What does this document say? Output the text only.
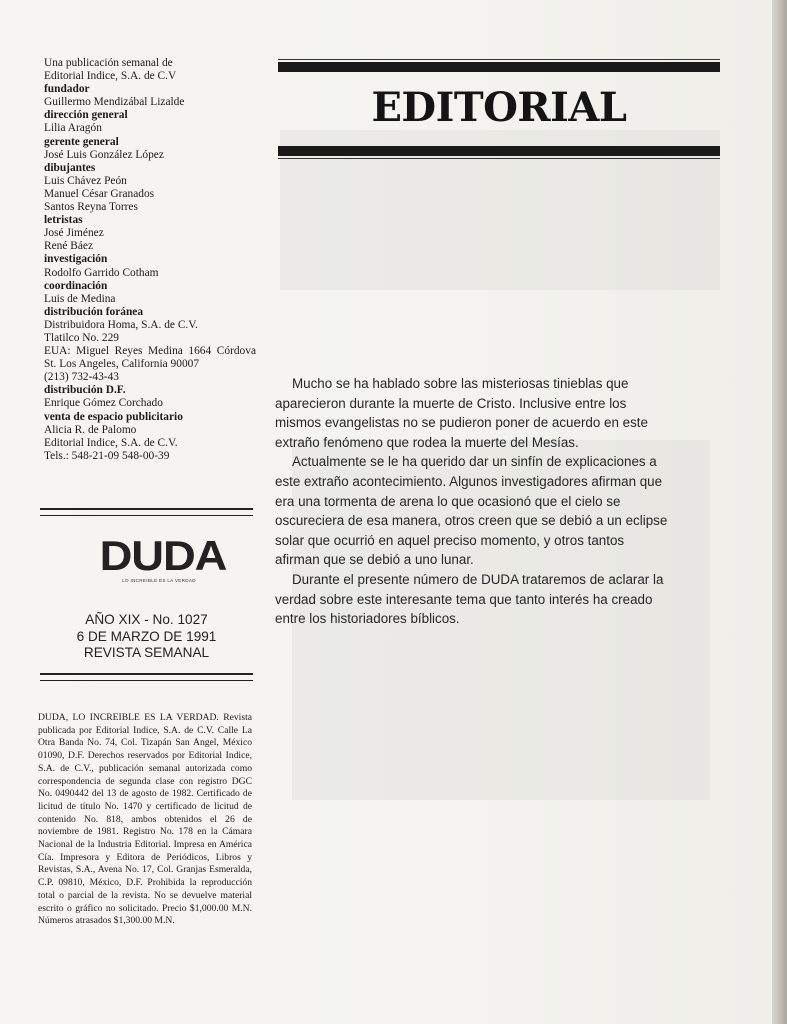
Una publicación semanal de
Editorial Indice, S.A. de C.V
fundador
Guillermo Mendizábal Lizalde
dirección general
Lilia Aragón
gerente general
José Luis González López
dibujantes
Luis Chávez Peón
Manuel César Granados
Santos Reyna Torres
letristas
José Jiménez
René Báez
investigación
Rodolfo Garrido Cotham
coordinación
Luis de Medina
distribución foránea
Distribuidora Homa, S.A. de C.V.
Tlatilco No. 229
EUA: Miguel Reyes Medina 1664 Córdova St. Los Angeles, California 90007
(213) 732-43-43
distribución D.F.
Enrique Gómez Corchado
venta de espacio publicitario
Alicia R. de Palomo
Editorial Indice, S.A. de C.V.
Tels.: 548-21-09 548-00-39
DUDA
LO INCREIBLE ES LA VERDAD
AÑO XIX - No. 1027
6 DE MARZO DE 1991
REVISTA SEMANAL
DUDA, LO INCREIBLE ES LA VERDAD. Revista publicada por Editorial Indice, S.A. de C.V. Calle La Otra Banda No. 74, Col. Tizapán San Angel, México 01090, D.F. Derechos reservados por Editorial Indice, S.A. de C.V., publicación semanal autorizada como correspondencia de segunda clase con registro DGC No. 0490442 del 13 de agosto de 1982. Certificado de licitud de título No. 1470 y certificado de licitud de contenido No. 818, ambos obtenidos el 26 de noviembre de 1981. Registro No. 178 en la Cámara Nacional de la Industria Editorial. Impresa en América Cía. Impresora y Editora de Periódicos, Libros y Revistas, S.A., Avena No. 17, Col. Granjas Esmeralda, C.P. 09810, México, D.F. Prohibida la reproducción total o parcial de la revista. No se devuelve material escrito o gráfico no solicitado. Precio $1,000.00 M.N. Números atrasados $1,300.00 M.N.
EDITORIAL

Mucho se ha hablado sobre las misteriosas tinieblas que aparecieron durante la muerte de Cristo. Inclusive entre los mismos evangelistas no se pudieron poner de acuerdo en este extraño fenómeno que rodea la muerte del Mesías.

Actualmente se le ha querido dar un sinfín de explicaciones a este extraño acontecimiento. Algunos investigadores afirman que era una tormenta de arena lo que ocasionó que el cielo se oscureciera de esa manera, otros creen que se debió a un eclipse solar que ocurrió en aquel preciso momento, y otros tantos afirman que se debió a uno lunar.

Durante el presente número de DUDA trataremos de aclarar la verdad sobre este interesante tema que tanto interés ha creado entre los historiadores bíblicos.
